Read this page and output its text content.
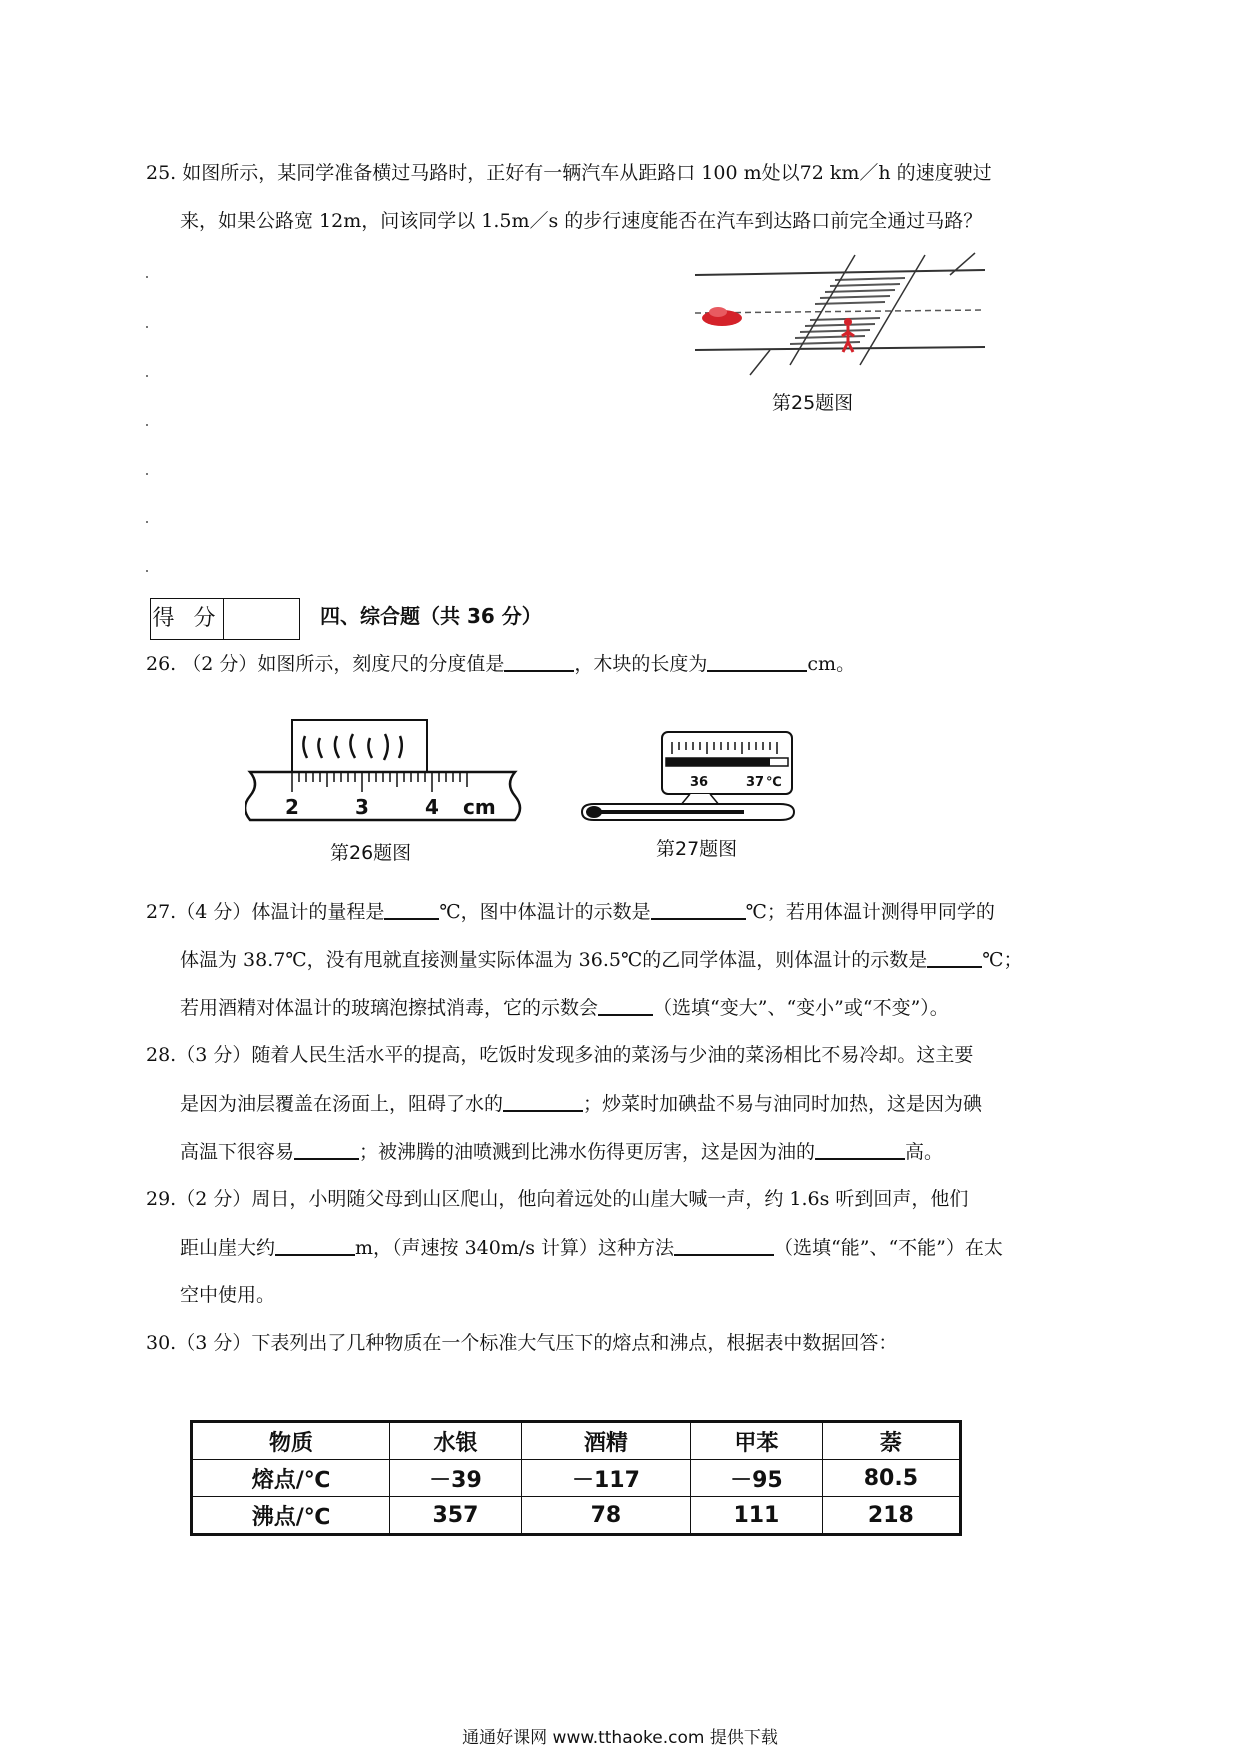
25. 如图所示，某同学准备横过马路时，正好有一辆汽车从距路口 100 m处以72 km／h 的速度驶过
来，如果公路宽 12m，问该同学以 1.5m／s 的步行速度能否在汽车到达路口前完全通过马路？
第25题图
得 分	四、综合题（共 36 分）
26. （2 分）如图所示，刻度尺的分度值是	，木块的长度为	cm。
2	3	4 cm
第26题图
36	37 ℃
第27题图
27.（4 分）体温计的量程是	℃，图中体温计的示数是	℃；若用体温计测得甲同学的
体温为 38.7℃，没有甩就直接测量实际体温为 36.5℃的乙同学体温，则体温计的示数是	℃；
若用酒精对体温计的玻璃泡擦拭消毒，它的示数会	（选填“变大”、“变小”或“不变”）。
28.（3 分）随着人民生活水平的提高，吃饭时发现多油的菜汤与少油的菜汤相比不易冷却。这主要
是因为油层覆盖在汤面上，阻碍了水的	；炒菜时加碘盐不易与油同时加热，这是因为碘
高温下很容易	；被沸腾的油喷溅到比沸水伤得更厉害，这是因为油的	高。
29.（2 分）周日，小明随父母到山区爬山，他向着远处的山崖大喊一声，约 1.6s 听到回声，他们
距山崖大约	m，（声速按 340m/s 计算）这种方法	（选填“能”、“不能”）在太
空中使用。
30.（3 分）下表列出了几种物质在一个标准大气压下的熔点和沸点，根据表中数据回答：
物质	水银	酒精	甲苯	萘
熔点/℃	－39	－117	－95	80.5
沸点/℃	357	78	111	218
通通好课网 www.tthaoke.com 提供下载
